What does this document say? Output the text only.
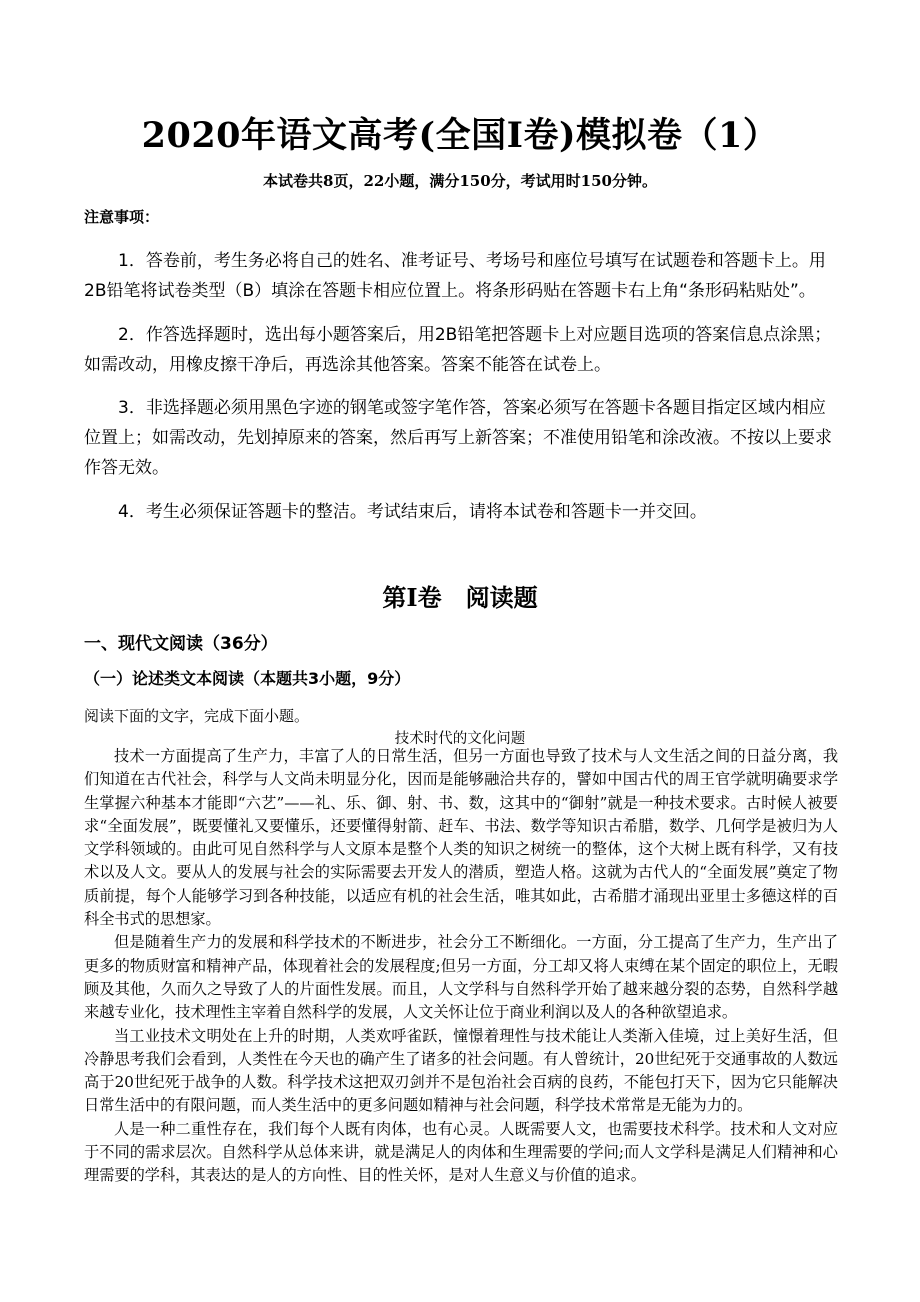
2020年语文高考(全国Ⅰ卷)模拟卷（1）
本试卷共8页，22小题，满分150分，考试用时150分钟。
注意事项：

1．答卷前，考生务必将自己的姓名、准考证号、考场号和座位号填写在试题卷和答题卡上。用2B铅笔将试卷类型（B）填涂在答题卡相应位置上。将条形码贴在答题卡右上角“条形码粘贴处”。

2．作答选择题时，选出每小题答案后，用2B铅笔把答题卡上对应题目选项的答案信息点涂黑；如需改动，用橡皮擦干净后，再选涂其他答案。答案不能答在试卷上。

3．非选择题必须用黑色字迹的钢笔或签字笔作答，答案必须写在答题卡各题目指定区域内相应位置上；如需改动，先划掉原来的答案，然后再写上新答案；不准使用铅笔和涂改液。不按以上要求作答无效。

4．考生必须保证答题卡的整洁。考试结束后，请将本试卷和答题卡一并交回。

第Ⅰ卷　阅读题
一、现代文阅读（36分）
（一）论述类文本阅读（本题共3小题，9分）
阅读下面的文字，完成下面小题。
技术时代的文化问题

技术一方面提高了生产力，丰富了人的日常生活，但另一方面也导致了技术与人文生活之间的日益分离，我们知道在古代社会，科学与人文尚未明显分化，因而是能够融洽共存的，譬如中国古代的周王官学就明确要求学生掌握六种基本才能即“六艺”——礼、乐、御、射、书、数，这其中的“御射”就是一种技术要求。古时候人被要求“全面发展”，既要懂礼又要懂乐，还要懂得射箭、赶车、书法、数学等知识古希腊，数学、几何学是被归为人文学科领域的。由此可见自然科学与人文原本是整个人类的知识之树统一的整体，这个大树上既有科学，又有技术以及人文。要从人的发展与社会的实际需要去开发人的潜质，塑造人格。这就为古代人的“全面发展”奠定了物质前提，每个人能够学习到各种技能，以适应有机的社会生活，唯其如此，古希腊才涌现出亚里士多德这样的百科全书式的思想家。

但是随着生产力的发展和科学技术的不断进步，社会分工不断细化。一方面，分工提高了生产力，生产出了更多的物质财富和精神产品，体现着社会的发展程度;但另一方面，分工却又将人束缚在某个固定的职位上，无暇顾及其他，久而久之导致了人的片面性发展。而且，人文学科与自然科学开始了越来越分裂的态势，自然科学越来越专业化，技术理性主宰着自然科学的发展，人文关怀让位于商业利润以及人的各种欲望追求。

当工业技术文明处在上升的时期，人类欢呼雀跃，憧憬着理性与技术能让人类渐入佳境，过上美好生活，但冷静思考我们会看到，人类性在今天也的确产生了诸多的社会问题。有人曾统计，20世纪死于交通事故的人数远高于20世纪死于战争的人数。科学技术这把双刃剑并不是包治社会百病的良药，不能包打天下，因为它只能解决日常生活中的有限问题，而人类生活中的更多问题如精神与社会问题，科学技术常常是无能为力的。

人是一种二重性存在，我们每个人既有肉体，也有心灵。人既需要人文，也需要技术科学。技术和人文对应于不同的需求层次。自然科学从总体来讲，就是满足人的肉体和生理需要的学问;而人文学科是满足人们精神和心理需要的学科，其表达的是人的方向性、目的性关怀，是对人生意义与价值的追求。
